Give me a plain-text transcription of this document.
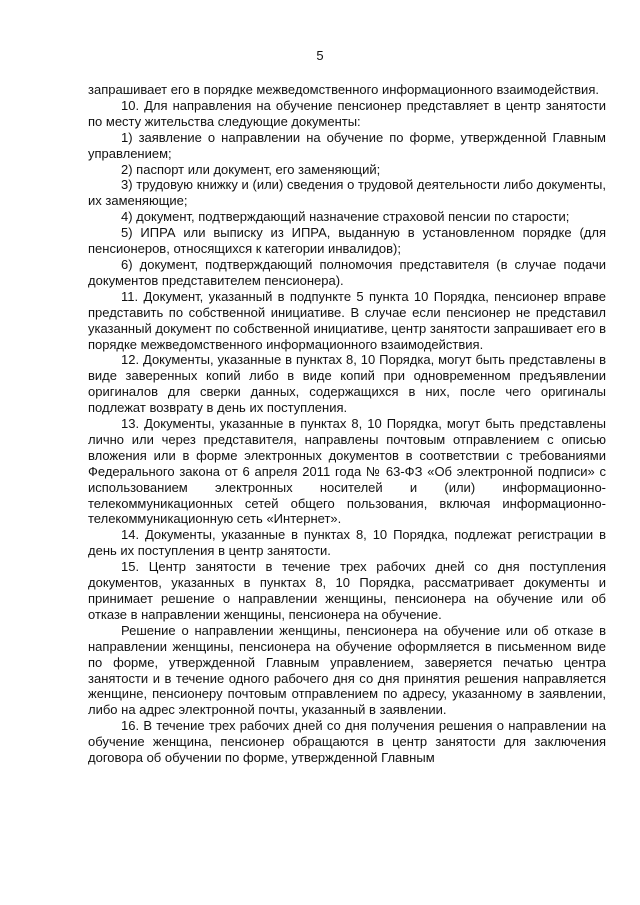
5

запрашивает его в порядке межведомственного информационного взаимодействия.

10. Для направления на обучение пенсионер представляет в центр занятости по месту жительства следующие документы:

1) заявление о направлении на обучение по форме, утвержденной Главным управлением;

2) паспорт или документ, его заменяющий;

3) трудовую книжку и (или) сведения о трудовой деятельности либо документы, их заменяющие;

4) документ, подтверждающий назначение страховой пенсии по старости;

5) ИПРА или выписку из ИПРА, выданную в установленном порядке (для пенсионеров, относящихся к категории инвалидов);

6) документ, подтверждающий полномочия представителя (в случае подачи документов представителем пенсионера).

11. Документ, указанный в подпункте 5 пункта 10 Порядка, пенсионер вправе представить по собственной инициативе. В случае если пенсионер не представил указанный документ по собственной инициативе, центр занятости запрашивает его в порядке межведомственного информационного взаимодействия.

12. Документы, указанные в пунктах 8, 10 Порядка, могут быть представлены в виде заверенных копий либо в виде копий при одновременном предъявлении оригиналов для сверки данных, содержащихся в них, после чего оригиналы подлежат возврату в день их поступления.

13. Документы, указанные в пунктах 8, 10 Порядка, могут быть представлены лично или через представителя, направлены почтовым отправлением с описью вложения или в форме электронных документов в соответствии с требованиями Федерального закона от 6 апреля 2011 года № 63-ФЗ «Об электронной подписи» с использованием электронных носителей и (или) информационно-телекоммуникационных сетей общего пользования, включая информационно-телекоммуникационную сеть «Интернет».

14. Документы, указанные в пунктах 8, 10 Порядка, подлежат регистрации в день их поступления в центр занятости.

15. Центр занятости в течение трех рабочих дней со дня поступления документов, указанных в пунктах 8, 10 Порядка, рассматривает документы и принимает решение о направлении женщины, пенсионера на обучение или об отказе в направлении женщины, пенсионера на обучение.

Решение о направлении женщины, пенсионера на обучение или об отказе в направлении женщины, пенсионера на обучение оформляется в письменном виде по форме, утвержденной Главным управлением, заверяется печатью центра занятости и в течение одного рабочего дня со дня принятия решения направляется женщине, пенсионеру почтовым отправлением по адресу, указанному в заявлении, либо на адрес электронной почты, указанный в заявлении.

16. В течение трех рабочих дней со дня получения решения о направлении на обучение женщина, пенсионер обращаются в центр занятости для заключения договора об обучении по форме, утвержденной Главным
